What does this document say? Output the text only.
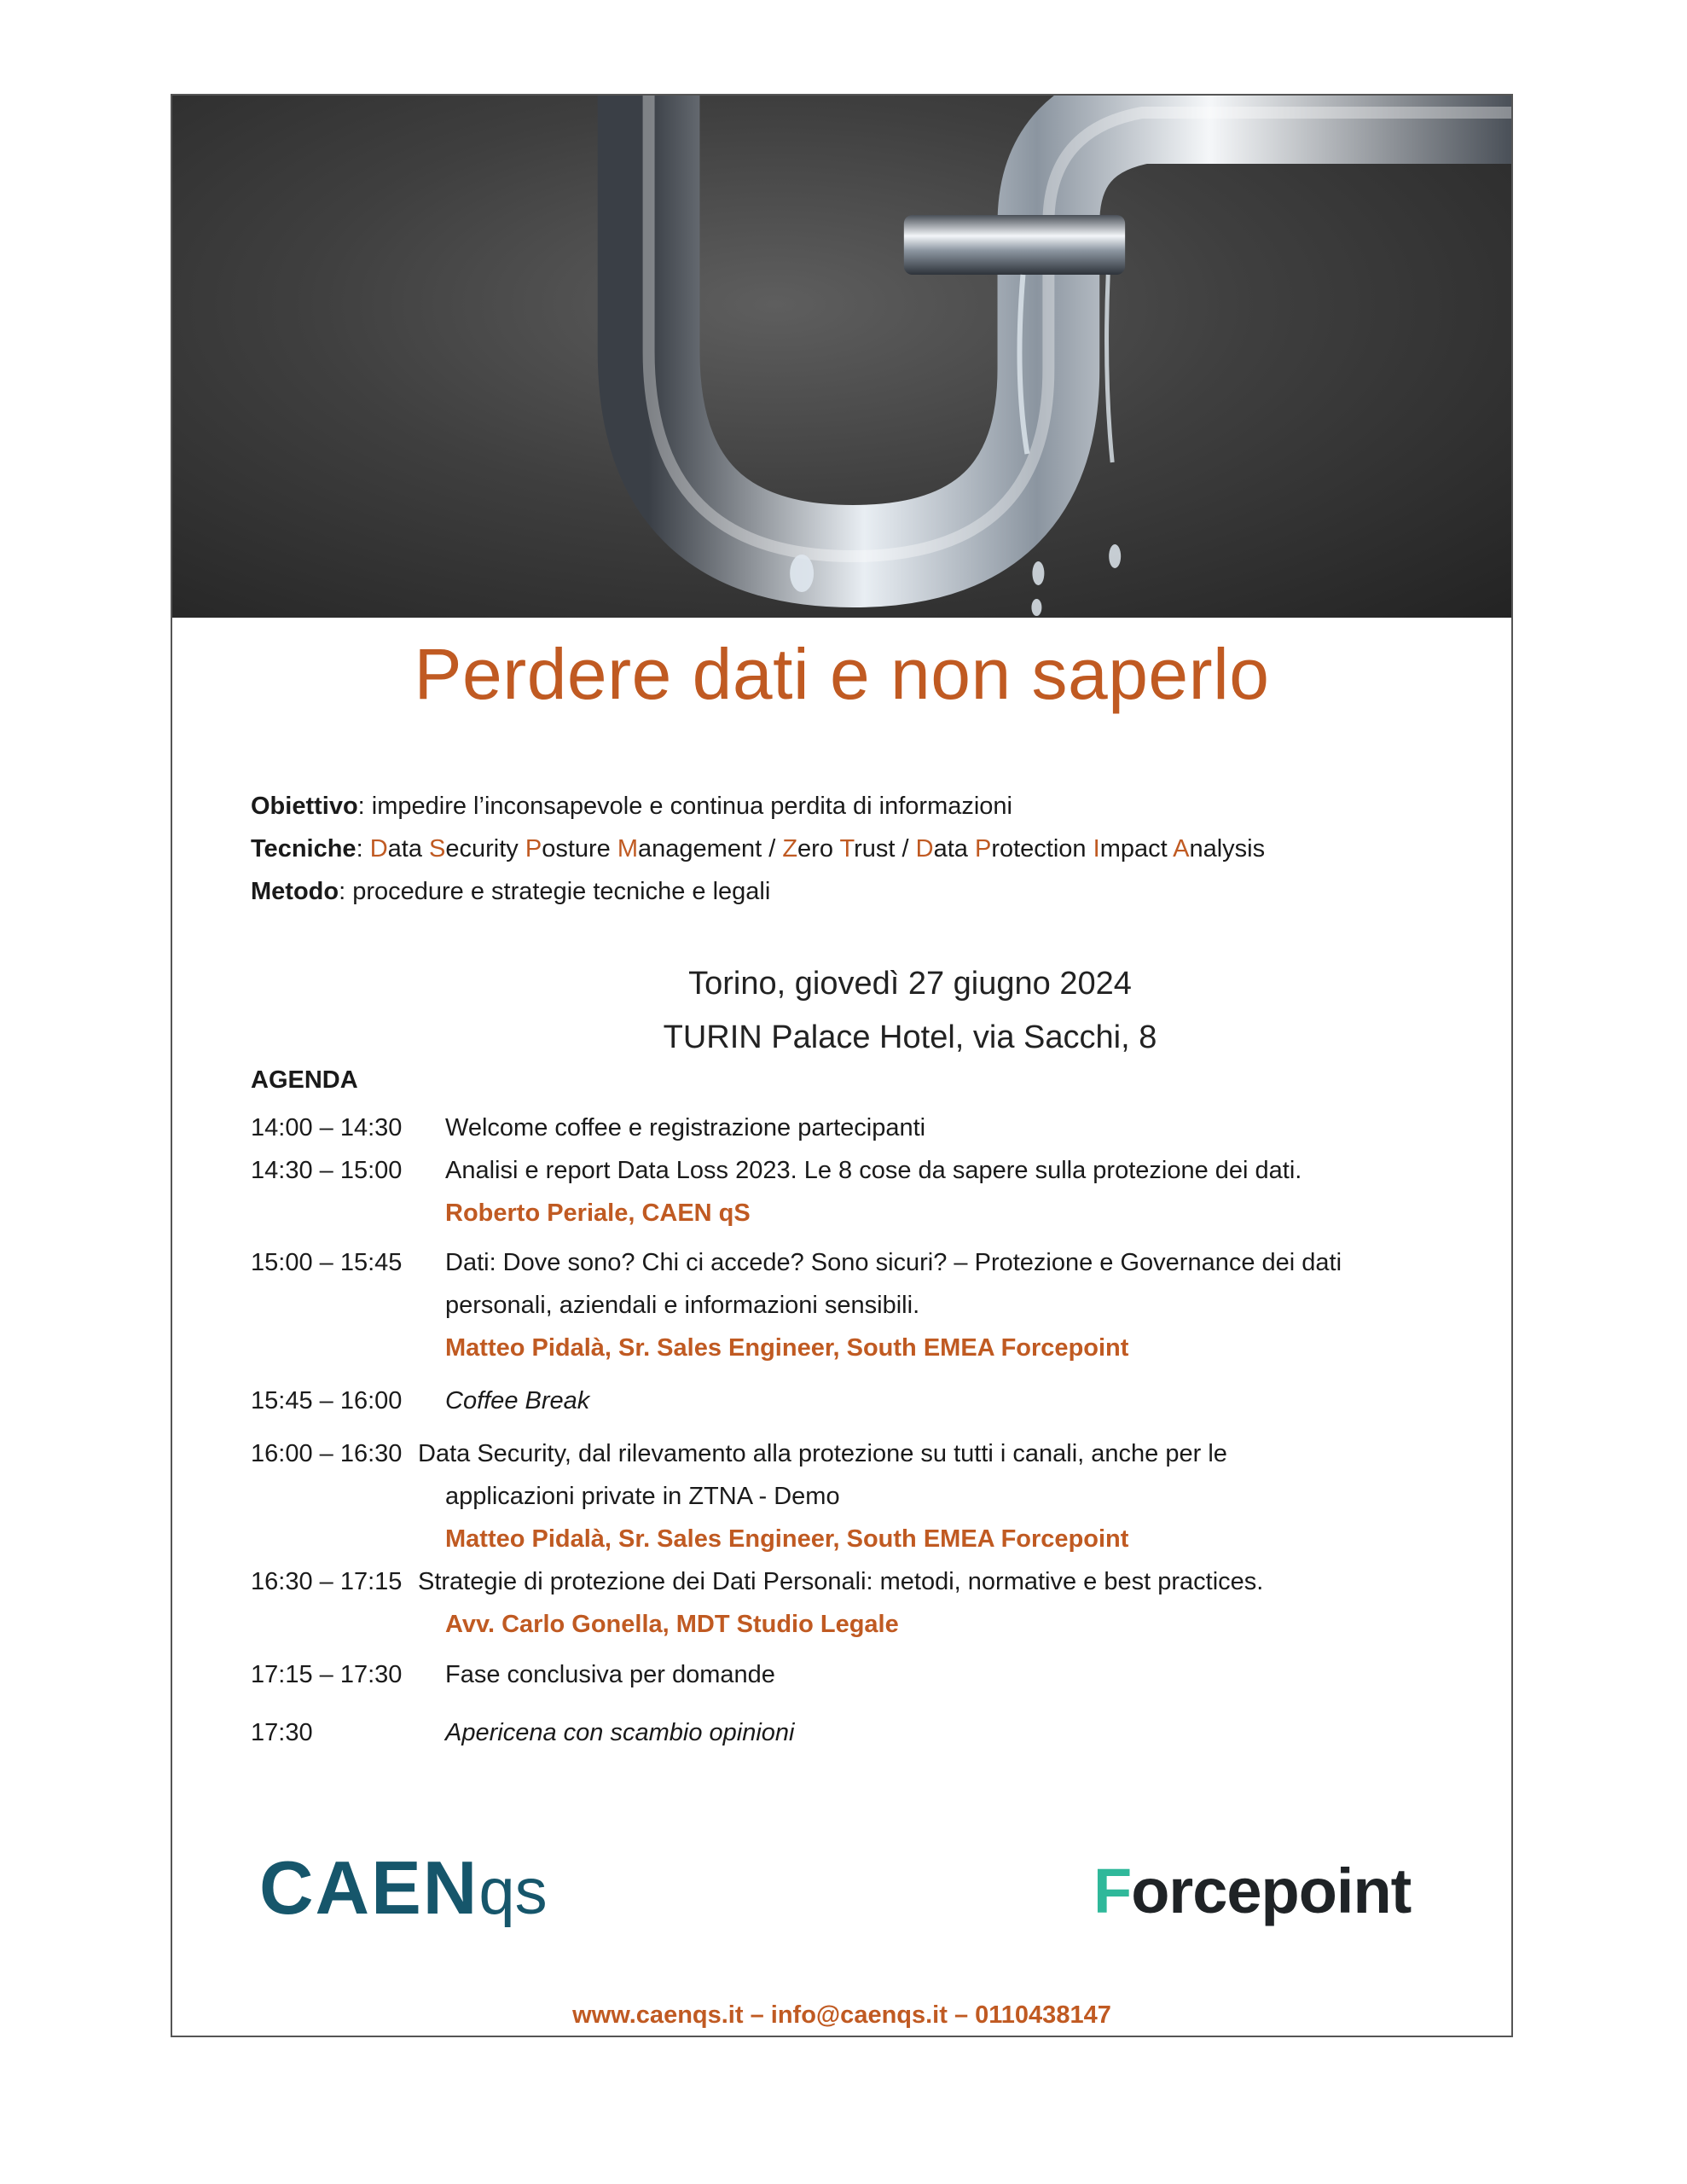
Perdere dati e non saperlo
Obiettivo: impedire l’inconsapevole e continua perdita di informazioni
Tecniche: Data Security Posture Management / Zero Trust / Data Protection Impact Analysis
Metodo: procedure e strategie tecniche e legali
Torino, giovedì 27 giugno 2024
TURIN Palace Hotel, via Sacchi, 8
AGENDA
14:00 – 14:30	Welcome coffee e registrazione partecipanti
14:30 – 15:00	Analisi e report Data Loss 2023. Le 8 cose da sapere sulla protezione dei dati.
Roberto Periale, CAEN qS
15:00 – 15:45	Dati: Dove sono? Chi ci accede? Sono sicuri? – Protezione e Governance dei dati
personali, aziendali e informazioni sensibili.
Matteo Pidalà, Sr. Sales Engineer, South EMEA Forcepoint
15:45 – 16:00	Coffee Break
16:00 – 16:30 Data Security, dal rilevamento alla protezione su tutti i canali, anche per le
applicazioni private in ZTNA - Demo
Matteo Pidalà, Sr. Sales Engineer, South EMEA Forcepoint
16:30 – 17:15 Strategie di protezione dei Dati Personali: metodi, normative e best practices.
Avv. Carlo Gonella, MDT Studio Legale
17:15 – 17:30	Fase conclusiva per domande
17:30	Apericena con scambio opinioni
CAENqs	Forcepoint
www.caenqs.it – info@caenqs.it – 0110438147
